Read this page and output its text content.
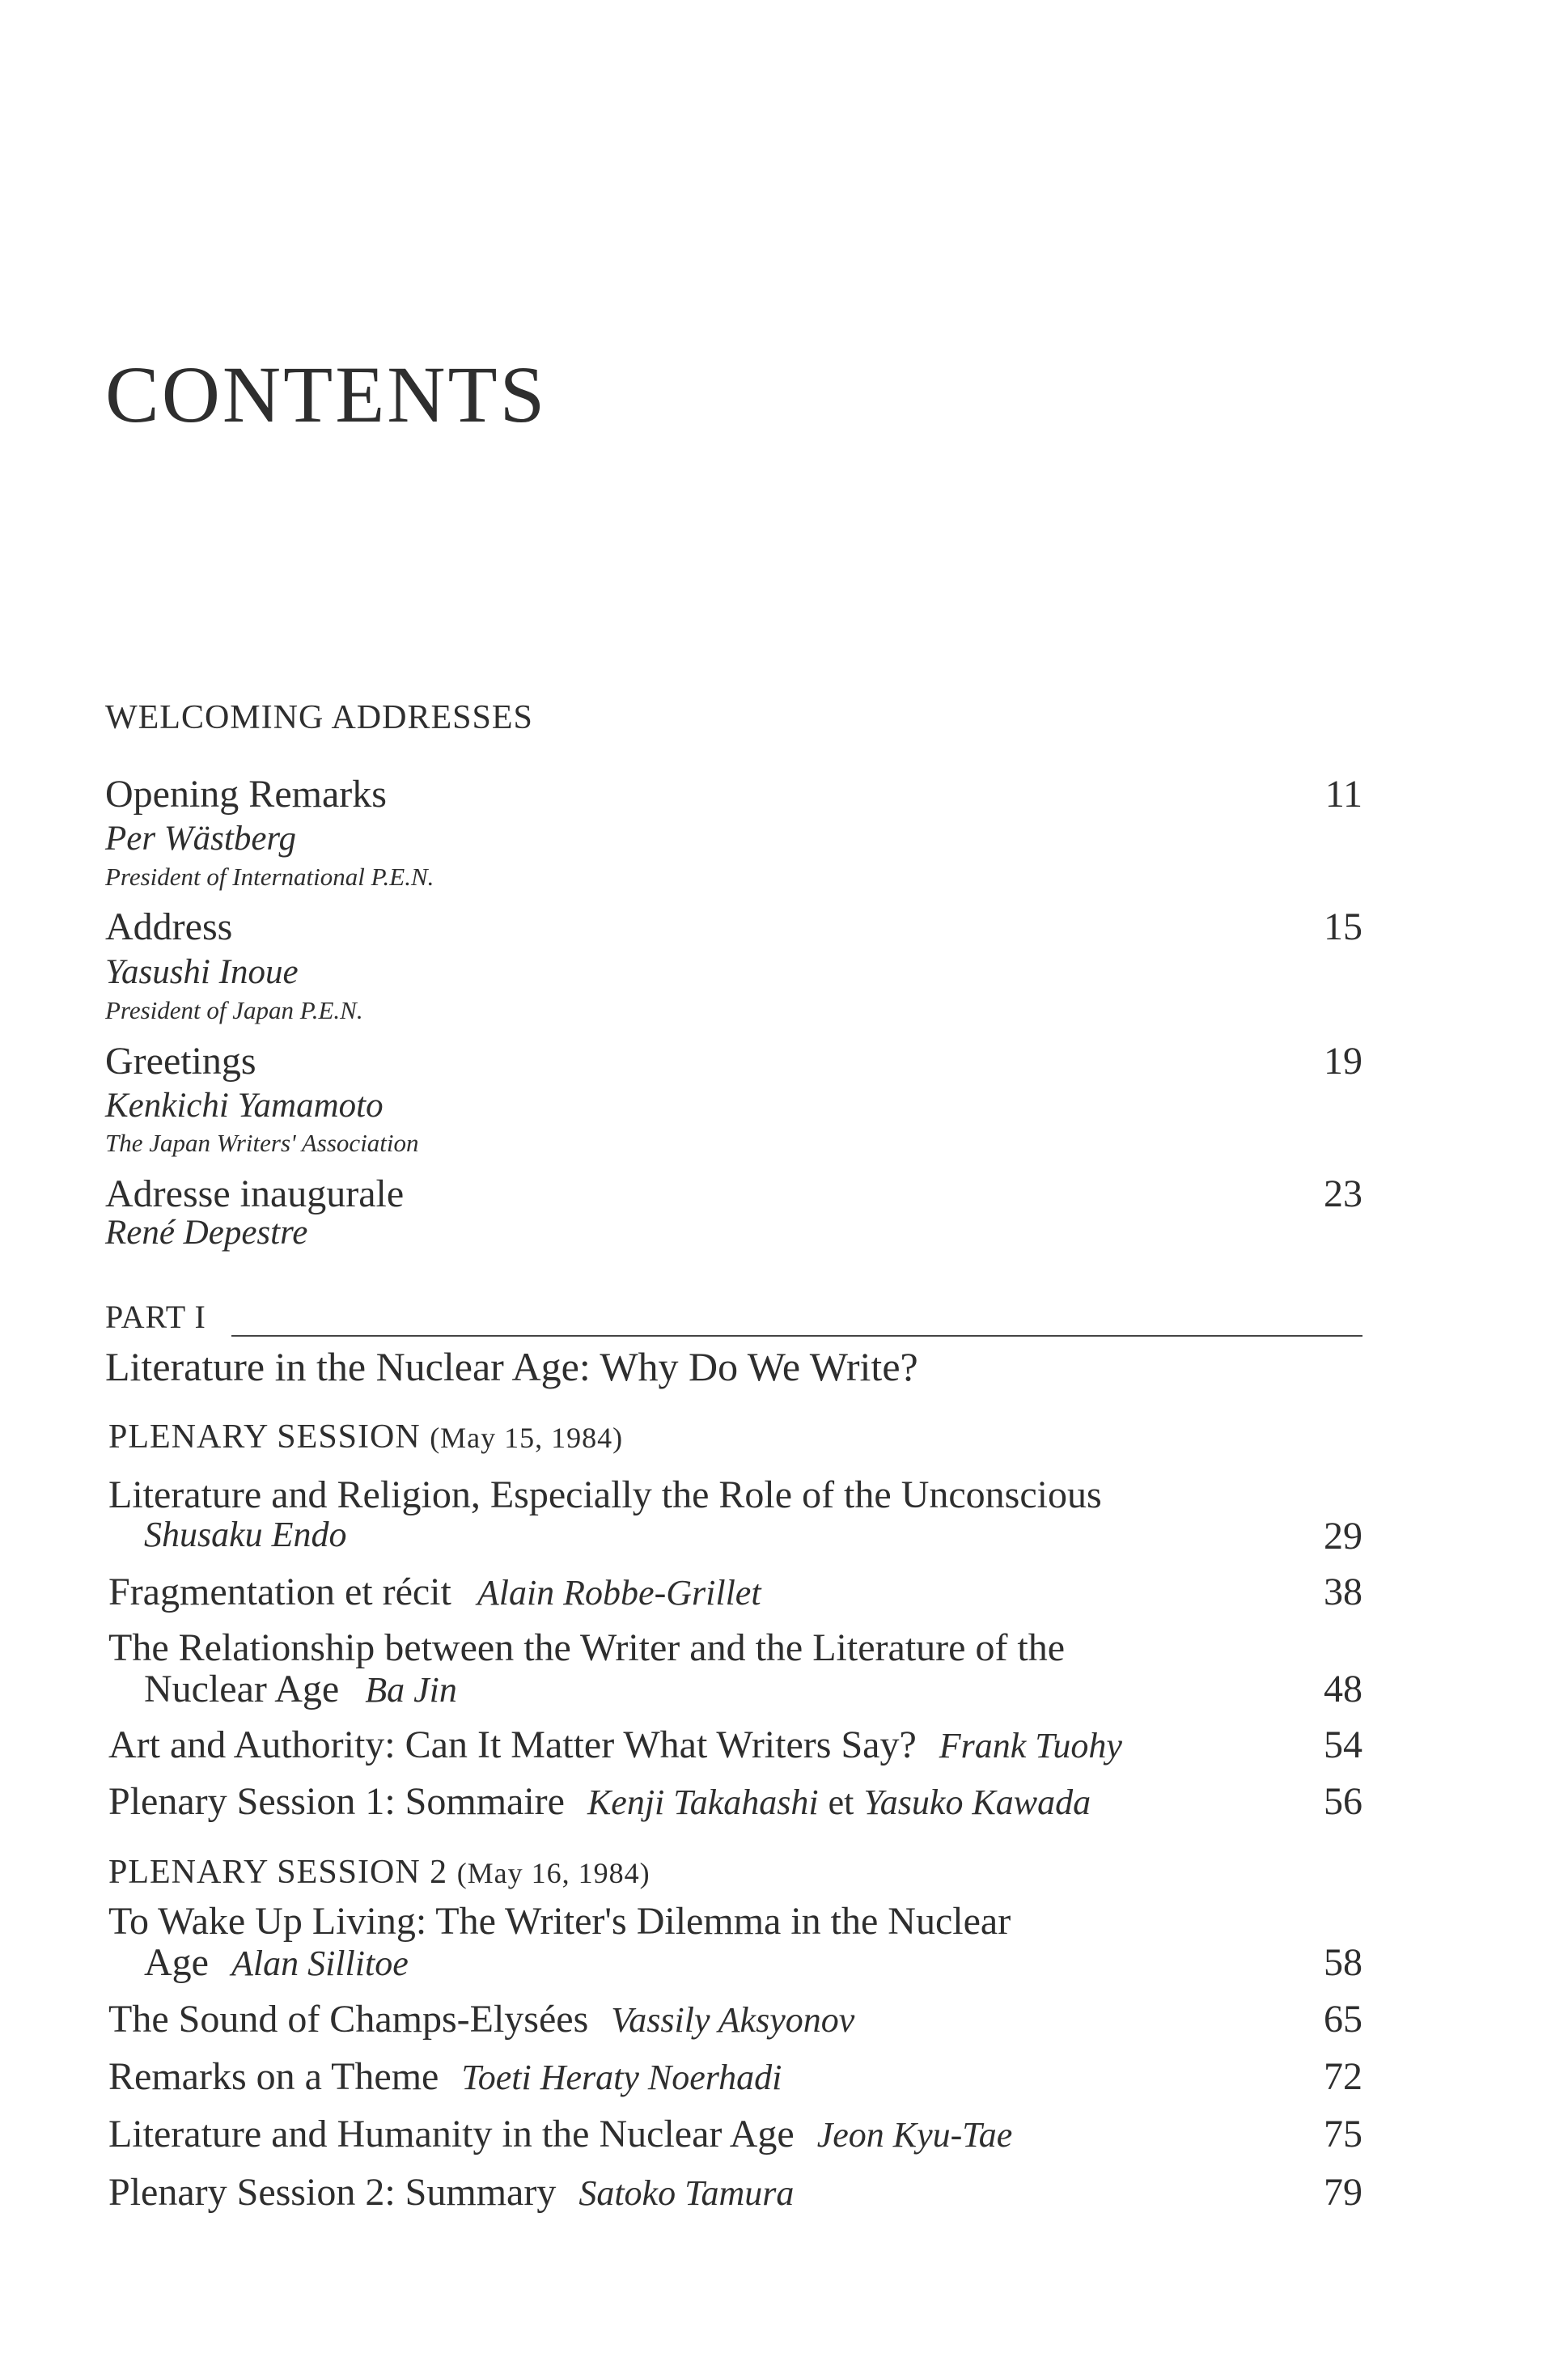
CONTENTS
WELCOMING ADDRESSES
Opening Remarks	11
Per Wästberg
President of International P.E.N.
Address	15
Yasushi Inoue
President of Japan P.E.N.
Greetings	19
Kenkichi Yamamoto
The Japan Writers' Association
Adresse inaugurale	23
René Depestre
PART I
Literature in the Nuclear Age: Why Do We Write?
PLENARY SESSION (May 15, 1984)
Literature and Religion, Especially the Role of the Unconscious
Shusaku Endo	29
Fragmentation et récit Alain Robbe-Grillet	38
The Relationship between the Writer and the Literature of the
Nuclear Age Ba Jin	48
Art and Authority: Can It Matter What Writers Say? Frank Tuohy	54
Plenary Session 1: Sommaire Kenji Takahashi et Yasuko Kawada	56
PLENARY SESSION 2 (May 16, 1984)
To Wake Up Living: The Writer's Dilemma in the Nuclear
Age Alan Sillitoe	58
The Sound of Champs-Elysées Vassily Aksyonov	65
Remarks on a Theme Toeti Heraty Noerhadi	72
Literature and Humanity in the Nuclear Age Jeon Kyu-Tae	75
Plenary Session 2: Summary Satoko Tamura	79
